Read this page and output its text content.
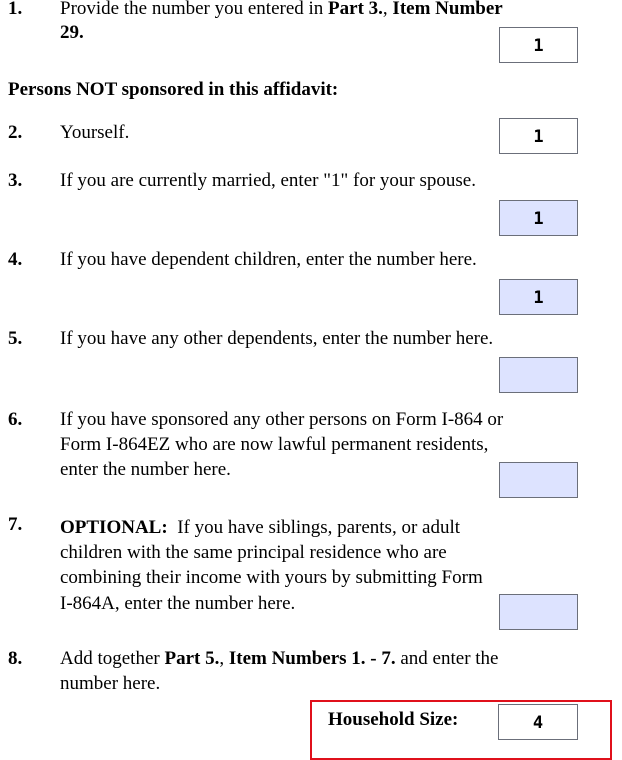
1. Provide the number you entered in Part 3., Item Number
29.
1
Persons NOT sponsored in this affidavit:
2. Yourself.	1
3. If you are currently married, enter "1" for your spouse.
1
4. If you have dependent children, enter the number here.
1
5. If you have any other dependents, enter the number here.
6. If you have sponsored any other persons on Form I-864 or
Form I-864EZ who are now lawful permanent residents,
enter the number here.
7. OPTIONAL: If you have siblings, parents, or adult
children with the same principal residence who are
combining their income with yours by submitting Form
I-864A, enter the number here.
8. Add together Part 5., Item Numbers 1. - 7. and enter the
number here.
Household Size:	4
